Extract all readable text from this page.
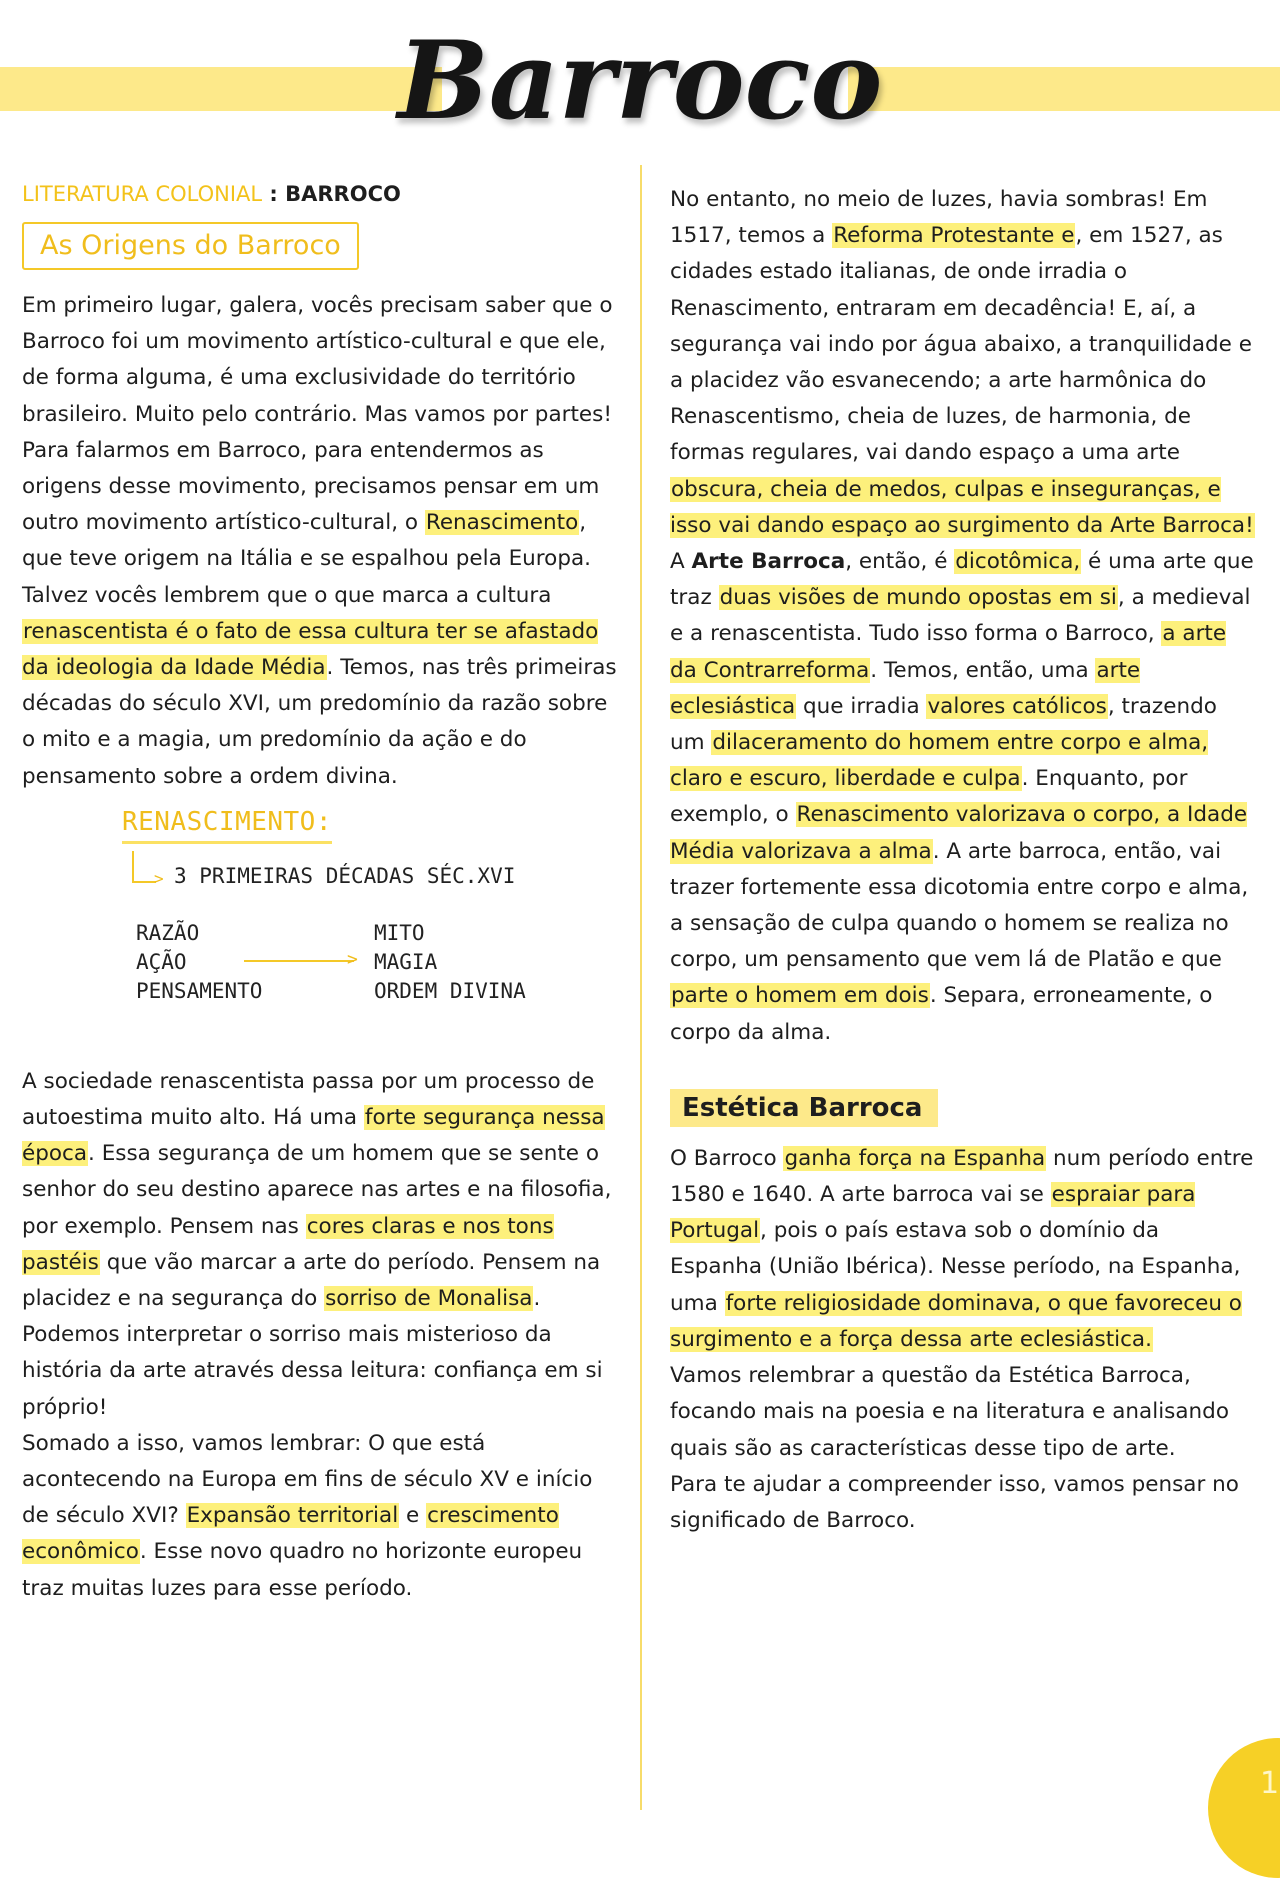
Barroco
LITERATURA COLONIAL : BARROCO
As Origens do Barroco

Em primeiro lugar, galera, vocês precisam saber que o Barroco foi um movimento artístico-cultural e que ele, de forma alguma, é uma exclusividade do território brasileiro. Muito pelo contrário. Mas vamos por partes!

Para falarmos em Barroco, para entendermos as origens desse movimento, precisamos pensar em um outro movimento artístico-cultural, o Renascimento, que teve origem na Itália e se espalhou pela Europa.

Talvez vocês lembrem que o que marca a cultura renascentista é o fato de essa cultura ter se afastado da ideologia da Idade Média. Temos, nas três primeiras décadas do século XVI, um predomínio da razão sobre o mito e a magia, um predomínio da ação e do pensamento sobre a ordem divina.

RENASCIMENTO:
> 3 PRIMEIRAS DÉCADAS SÉC.XVI
RAZÃO
AÇÃO
PENSAMENTO
>
MITO
MAGIA
ORDEM DIVINA

A sociedade renascentista passa por um processo de autoestima muito alto. Há uma forte segurança nessa época. Essa segurança de um homem que se sente o senhor do seu destino aparece nas artes e na filosofia, por exemplo. Pensem nas cores claras e nos tons pastéis que vão marcar a arte do período. Pensem na placidez e na segurança do sorriso de Monalisa. Podemos interpretar o sorriso mais misterioso da história da arte através dessa leitura: confiança em si próprio!

Somado a isso, vamos lembrar: O que está acontecendo na Europa em fins de século XV e início de século XVI? Expansão territorial e crescimento econômico. Esse novo quadro no horizonte europeu traz muitas luzes para esse período.

No entanto, no meio de luzes, havia sombras! Em 1517, temos a Reforma Protestante e, em 1527, as cidades estado italianas, de onde irradia o Renascimento, entraram em decadência! E, aí, a segurança vai indo por água abaixo, a tranquilidade e a placidez vão esvanecendo; a arte harmônica do Renascentismo, cheia de luzes, de harmonia, de formas regulares, vai dando espaço a uma arte obscura, cheia de medos, culpas e inseguranças, e isso vai dando espaço ao surgimento da Arte Barroca!

A Arte Barroca, então, é dicotômica, é uma arte que traz duas visões de mundo opostas em si, a medieval e a renascentista. Tudo isso forma o Barroco, a arte da Contrarreforma. Temos, então, uma arte eclesiástica que irradia valores católicos, trazendo um dilaceramento do homem entre corpo e alma, claro e escuro, liberdade e culpa. Enquanto, por exemplo, o Renascimento valorizava o corpo, a Idade Média valorizava a alma. A arte barroca, então, vai trazer fortemente essa dicotomia entre corpo e alma, a sensação de culpa quando o homem se realiza no corpo, um pensamento que vem lá de Platão e que parte o homem em dois. Separa, erroneamente, o corpo da alma.

Estética Barroca

O Barroco ganha força na Espanha num período entre 1580 e 1640. A arte barroca vai se espraiar para Portugal, pois o país estava sob o domínio da Espanha (União Ibérica). Nesse período, na Espanha, uma forte religiosidade dominava, o que favoreceu o surgimento e a força dessa arte eclesiástica.

Vamos relembrar a questão da Estética Barroca, focando mais na poesia e na literatura e analisando quais são as características desse tipo de arte.

Para te ajudar a compreender isso, vamos pensar no significado de Barroco.

1
